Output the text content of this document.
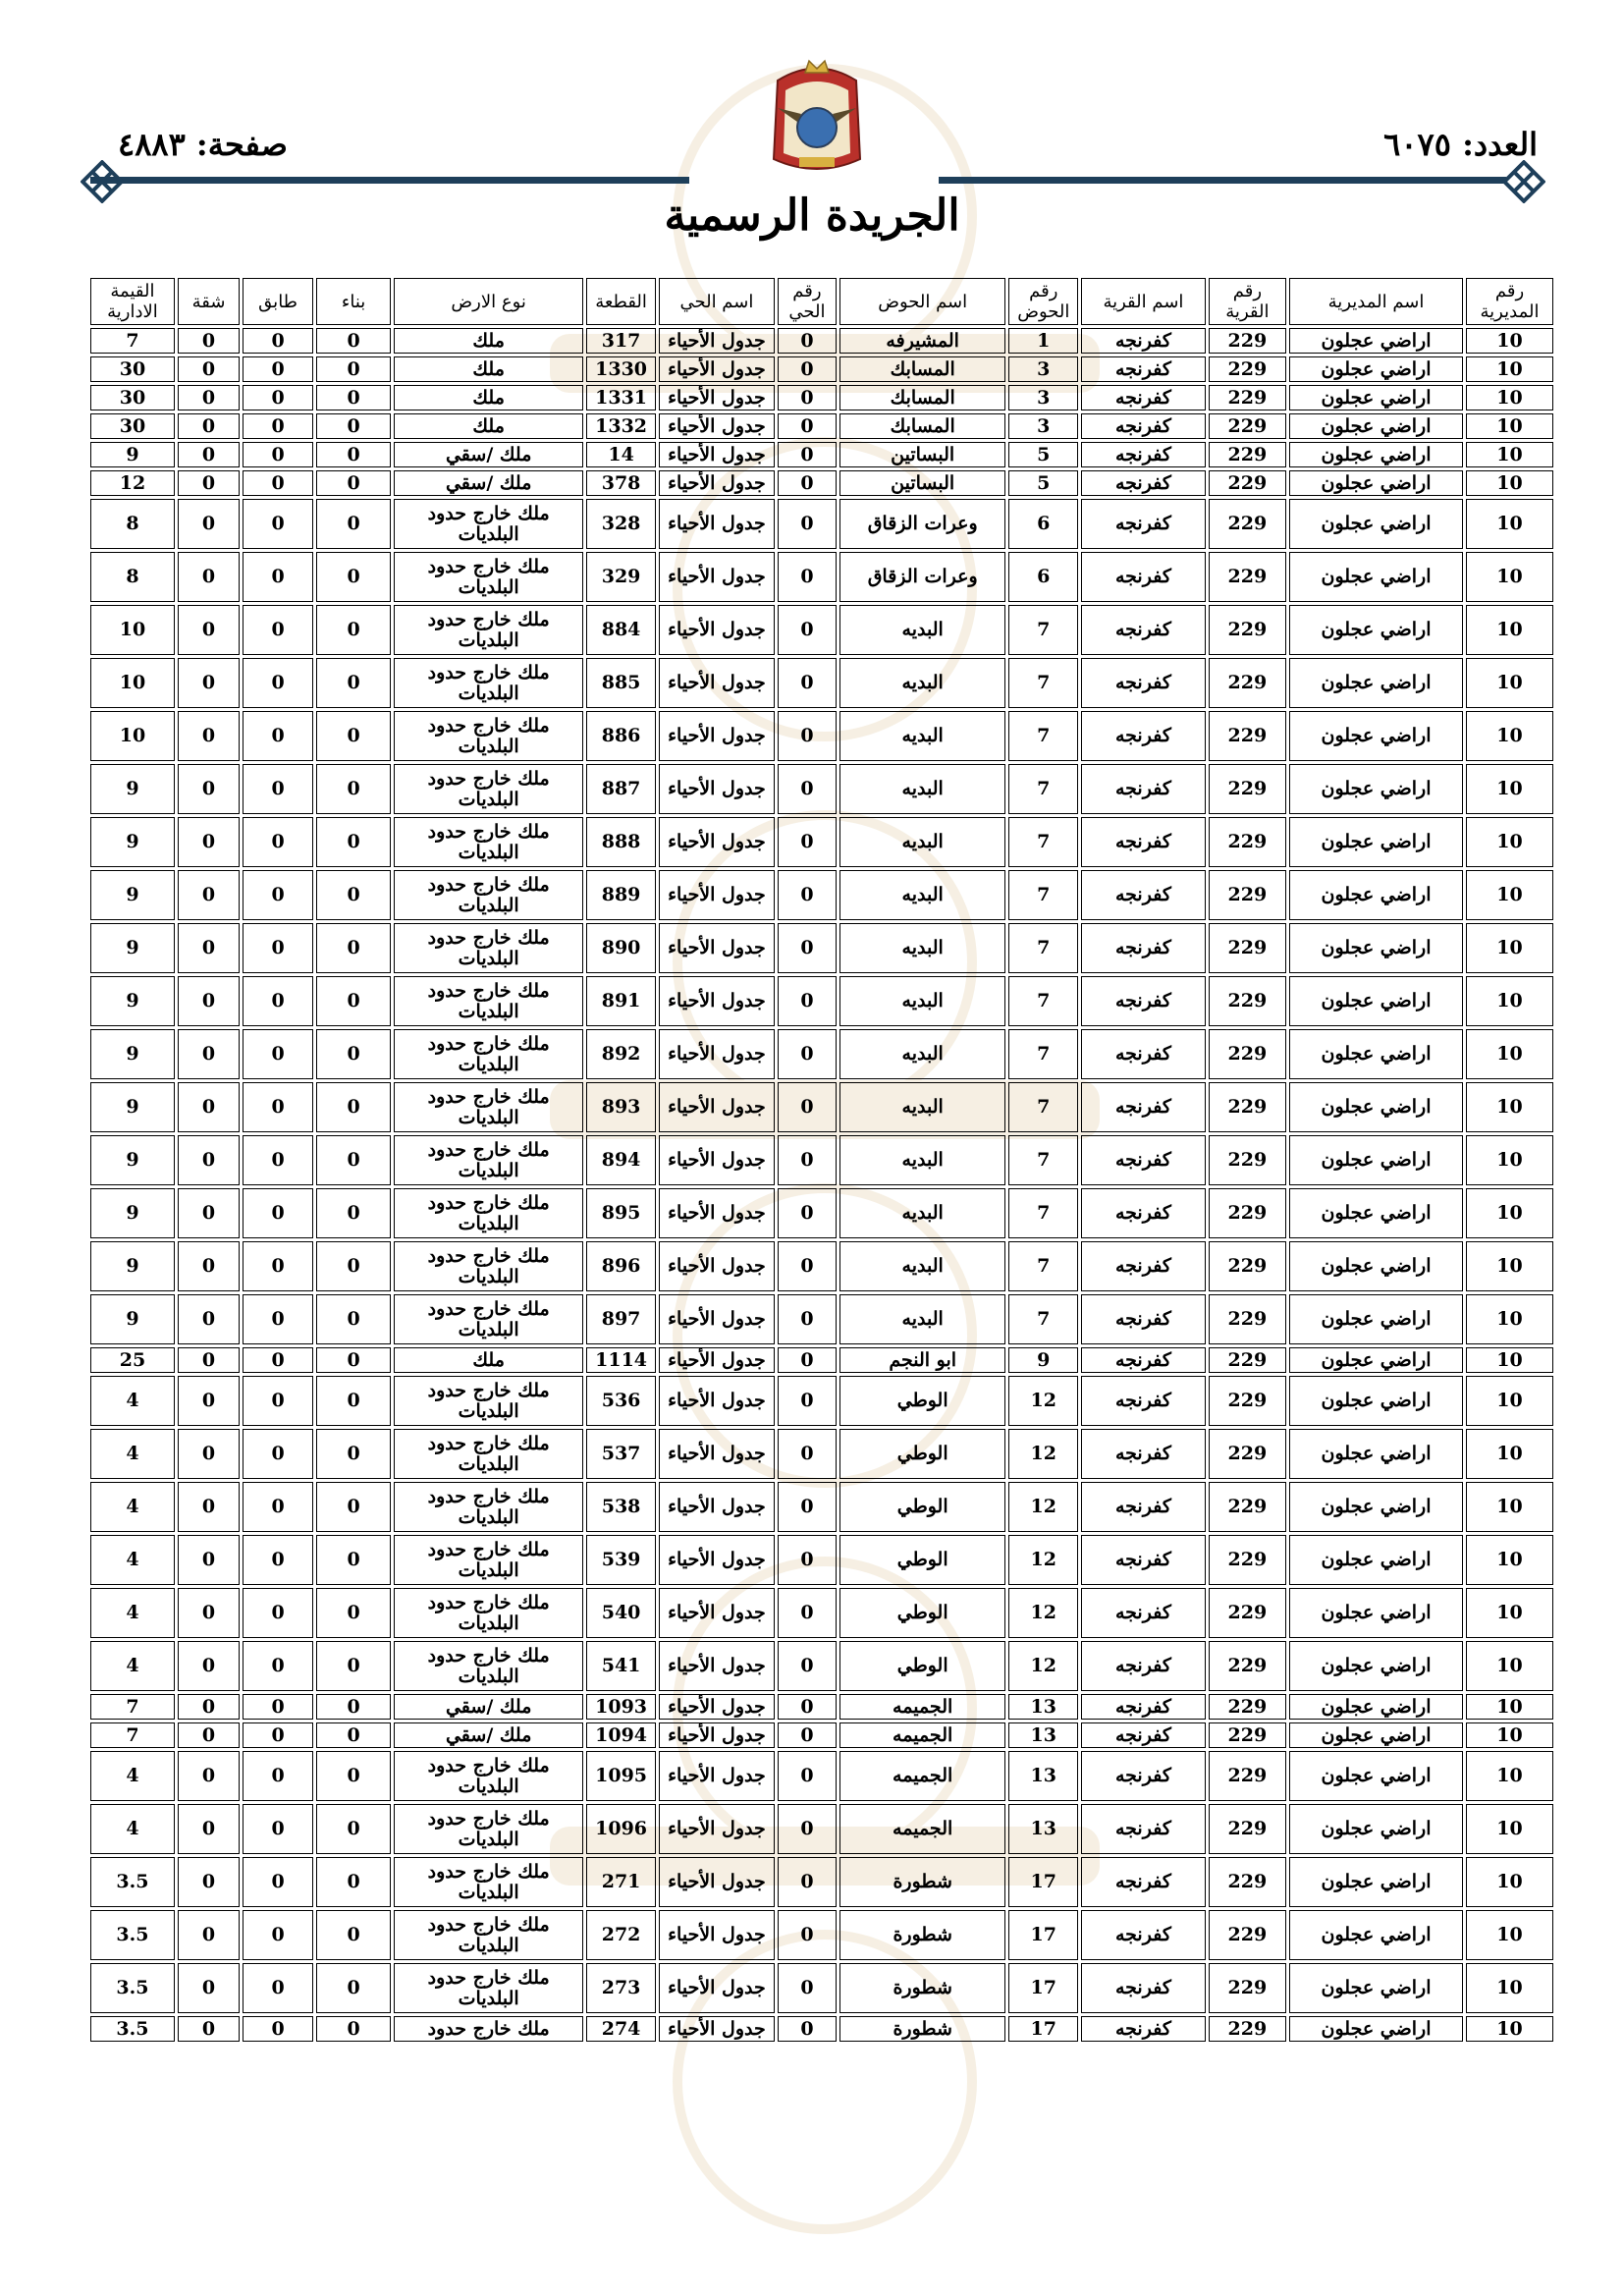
العدد: ٦٠٧٥
صفحة: ٤٨٨٣
الجريدة الرسمية
رقم المديرية	اسم المديرية	رقم القرية	اسم القرية	رقم الحوض	اسم الحوض	رقم الحي	اسم الحي	القطعة	نوع الارض	بناء	طابق	شقة	القيمة الادارية
10	اراضي عجلون	229	كفرنجه	1	المشيرفه	0	جدول الأحياء	317	ملك	0	0	0	7
10	اراضي عجلون	229	كفرنجه	3	المسابك	0	جدول الأحياء	1330	ملك	0	0	0	30
10	اراضي عجلون	229	كفرنجه	3	المسابك	0	جدول الأحياء	1331	ملك	0	0	0	30
10	اراضي عجلون	229	كفرنجه	3	المسابك	0	جدول الأحياء	1332	ملك	0	0	0	30
10	اراضي عجلون	229	كفرنجه	5	البساتين	0	جدول الأحياء	14	ملك /سقي	0	0	0	9
10	اراضي عجلون	229	كفرنجه	5	البساتين	0	جدول الأحياء	378	ملك /سقي	0	0	0	12
10	اراضي عجلون	229	كفرنجه	6	وعرات الزقاق	0	جدول الأحياء	328	ملك خارج حدود البلديات	0	0	0	8
10	اراضي عجلون	229	كفرنجه	6	وعرات الزقاق	0	جدول الأحياء	329	ملك خارج حدود البلديات	0	0	0	8
10	اراضي عجلون	229	كفرنجه	7	البديه	0	جدول الأحياء	884	ملك خارج حدود البلديات	0	0	0	10
10	اراضي عجلون	229	كفرنجه	7	البديه	0	جدول الأحياء	885	ملك خارج حدود البلديات	0	0	0	10
10	اراضي عجلون	229	كفرنجه	7	البديه	0	جدول الأحياء	886	ملك خارج حدود البلديات	0	0	0	10
10	اراضي عجلون	229	كفرنجه	7	البديه	0	جدول الأحياء	887	ملك خارج حدود البلديات	0	0	0	9
10	اراضي عجلون	229	كفرنجه	7	البديه	0	جدول الأحياء	888	ملك خارج حدود البلديات	0	0	0	9
10	اراضي عجلون	229	كفرنجه	7	البديه	0	جدول الأحياء	889	ملك خارج حدود البلديات	0	0	0	9
10	اراضي عجلون	229	كفرنجه	7	البديه	0	جدول الأحياء	890	ملك خارج حدود البلديات	0	0	0	9
10	اراضي عجلون	229	كفرنجه	7	البديه	0	جدول الأحياء	891	ملك خارج حدود البلديات	0	0	0	9
10	اراضي عجلون	229	كفرنجه	7	البديه	0	جدول الأحياء	892	ملك خارج حدود البلديات	0	0	0	9
10	اراضي عجلون	229	كفرنجه	7	البديه	0	جدول الأحياء	893	ملك خارج حدود البلديات	0	0	0	9
10	اراضي عجلون	229	كفرنجه	7	البديه	0	جدول الأحياء	894	ملك خارج حدود البلديات	0	0	0	9
10	اراضي عجلون	229	كفرنجه	7	البديه	0	جدول الأحياء	895	ملك خارج حدود البلديات	0	0	0	9
10	اراضي عجلون	229	كفرنجه	7	البديه	0	جدول الأحياء	896	ملك خارج حدود البلديات	0	0	0	9
10	اراضي عجلون	229	كفرنجه	7	البديه	0	جدول الأحياء	897	ملك خارج حدود البلديات	0	0	0	9
10	اراضي عجلون	229	كفرنجه	9	ابو النجم	0	جدول الأحياء	1114	ملك	0	0	0	25
10	اراضي عجلون	229	كفرنجه	12	الوطي	0	جدول الأحياء	536	ملك خارج حدود البلديات	0	0	0	4
10	اراضي عجلون	229	كفرنجه	12	الوطي	0	جدول الأحياء	537	ملك خارج حدود البلديات	0	0	0	4
10	اراضي عجلون	229	كفرنجه	12	الوطي	0	جدول الأحياء	538	ملك خارج حدود البلديات	0	0	0	4
10	اراضي عجلون	229	كفرنجه	12	الوطي	0	جدول الأحياء	539	ملك خارج حدود البلديات	0	0	0	4
10	اراضي عجلون	229	كفرنجه	12	الوطي	0	جدول الأحياء	540	ملك خارج حدود البلديات	0	0	0	4
10	اراضي عجلون	229	كفرنجه	12	الوطي	0	جدول الأحياء	541	ملك خارج حدود البلديات	0	0	0	4
10	اراضي عجلون	229	كفرنجه	13	الجميمه	0	جدول الأحياء	1093	ملك /سقي	0	0	0	7
10	اراضي عجلون	229	كفرنجه	13	الجميمه	0	جدول الأحياء	1094	ملك /سقي	0	0	0	7
10	اراضي عجلون	229	كفرنجه	13	الجميمه	0	جدول الأحياء	1095	ملك خارج حدود البلديات	0	0	0	4
10	اراضي عجلون	229	كفرنجه	13	الجميمه	0	جدول الأحياء	1096	ملك خارج حدود البلديات	0	0	0	4
10	اراضي عجلون	229	كفرنجه	17	شطورة	0	جدول الأحياء	271	ملك خارج حدود البلديات	0	0	0	3.5
10	اراضي عجلون	229	كفرنجه	17	شطورة	0	جدول الأحياء	272	ملك خارج حدود البلديات	0	0	0	3.5
10	اراضي عجلون	229	كفرنجه	17	شطورة	0	جدول الأحياء	273	ملك خارج حدود البلديات	0	0	0	3.5
10	اراضي عجلون	229	كفرنجه	17	شطورة	0	جدول الأحياء	274	ملك خارج حدود	0	0	0	3.5
